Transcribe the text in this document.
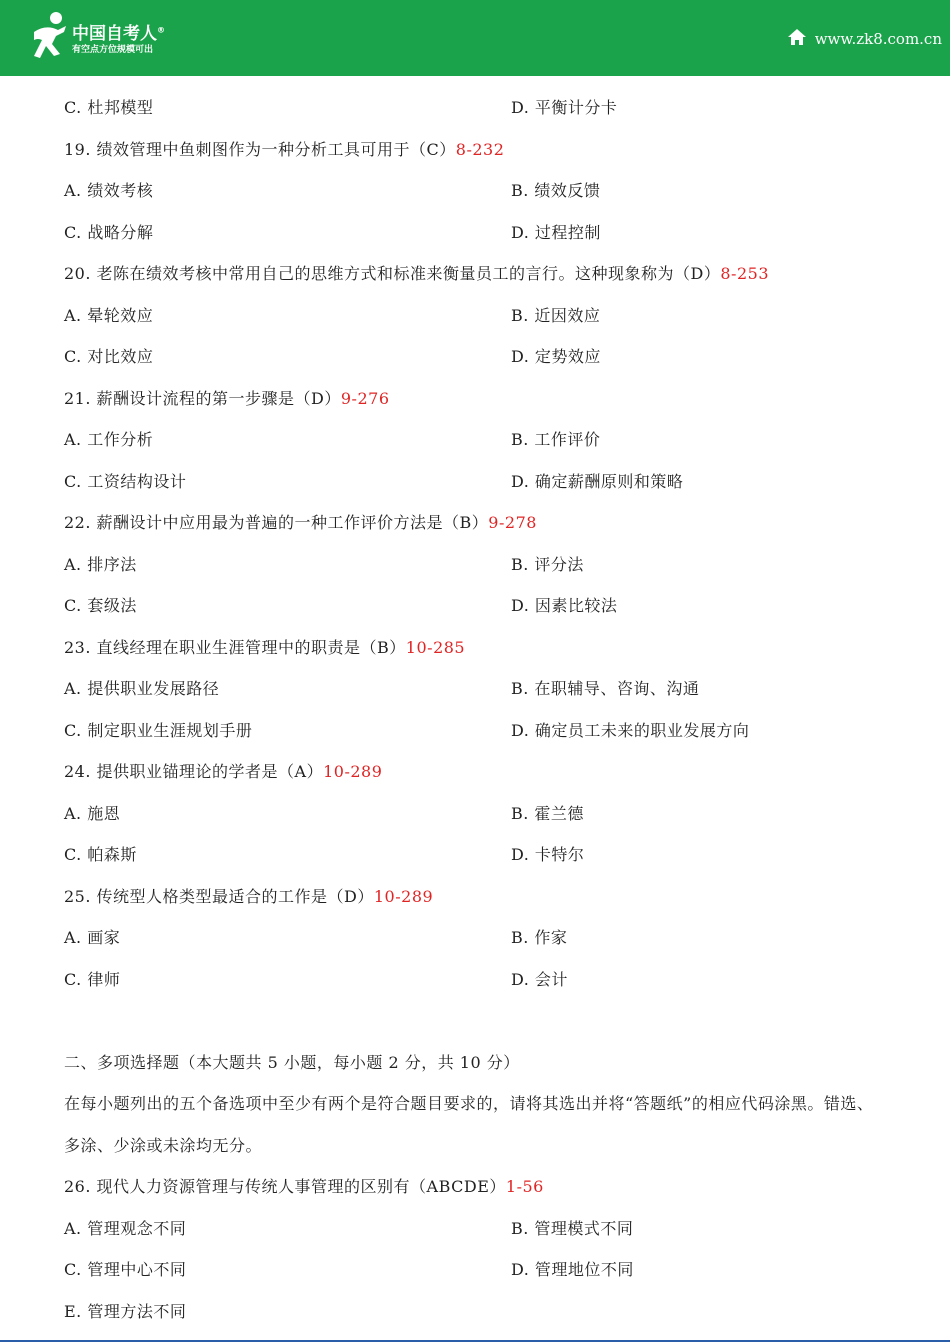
中国自考人®
有空点方位规模可出
www.zk8.com.cn
C. 杜邦模型	D. 平衡计分卡
19. 绩效管理中鱼刺图作为一种分析工具可用于（C）8-232
A. 绩效考核	B. 绩效反馈
C. 战略分解	D. 过程控制
20. 老陈在绩效考核中常用自己的思维方式和标准来衡量员工的言行。这种现象称为（D）8-253
A. 晕轮效应	B. 近因效应
C. 对比效应	D. 定势效应
21. 薪酬设计流程的第一步骤是（D）9-276
A. 工作分析	B. 工作评价
C. 工资结构设计	D. 确定薪酬原则和策略
22. 薪酬设计中应用最为普遍的一种工作评价方法是（B）9-278
A. 排序法	B. 评分法
C. 套级法	D. 因素比较法
23. 直线经理在职业生涯管理中的职责是（B）10-285
A. 提供职业发展路径	B. 在职辅导、咨询、沟通
C. 制定职业生涯规划手册	D. 确定员工未来的职业发展方向
24. 提供职业锚理论的学者是（A）10-289
A. 施恩	B. 霍兰德
C. 帕森斯	D. 卡特尔
25. 传统型人格类型最适合的工作是（D）10-289
A. 画家	B. 作家
C. 律师	D. 会计
二、多项选择题（本大题共 5 小题，每小题 2 分，共 10 分）
在每小题列出的五个备选项中至少有两个是符合题目要求的，请将其选出并将“答题纸”的相应代码涂黑。错选、
多涂、少涂或未涂均无分。
26. 现代人力资源管理与传统人事管理的区别有（ABCDE）1-56
A. 管理观念不同	B. 管理模式不同
C. 管理中心不同	D. 管理地位不同
E. 管理方法不同
